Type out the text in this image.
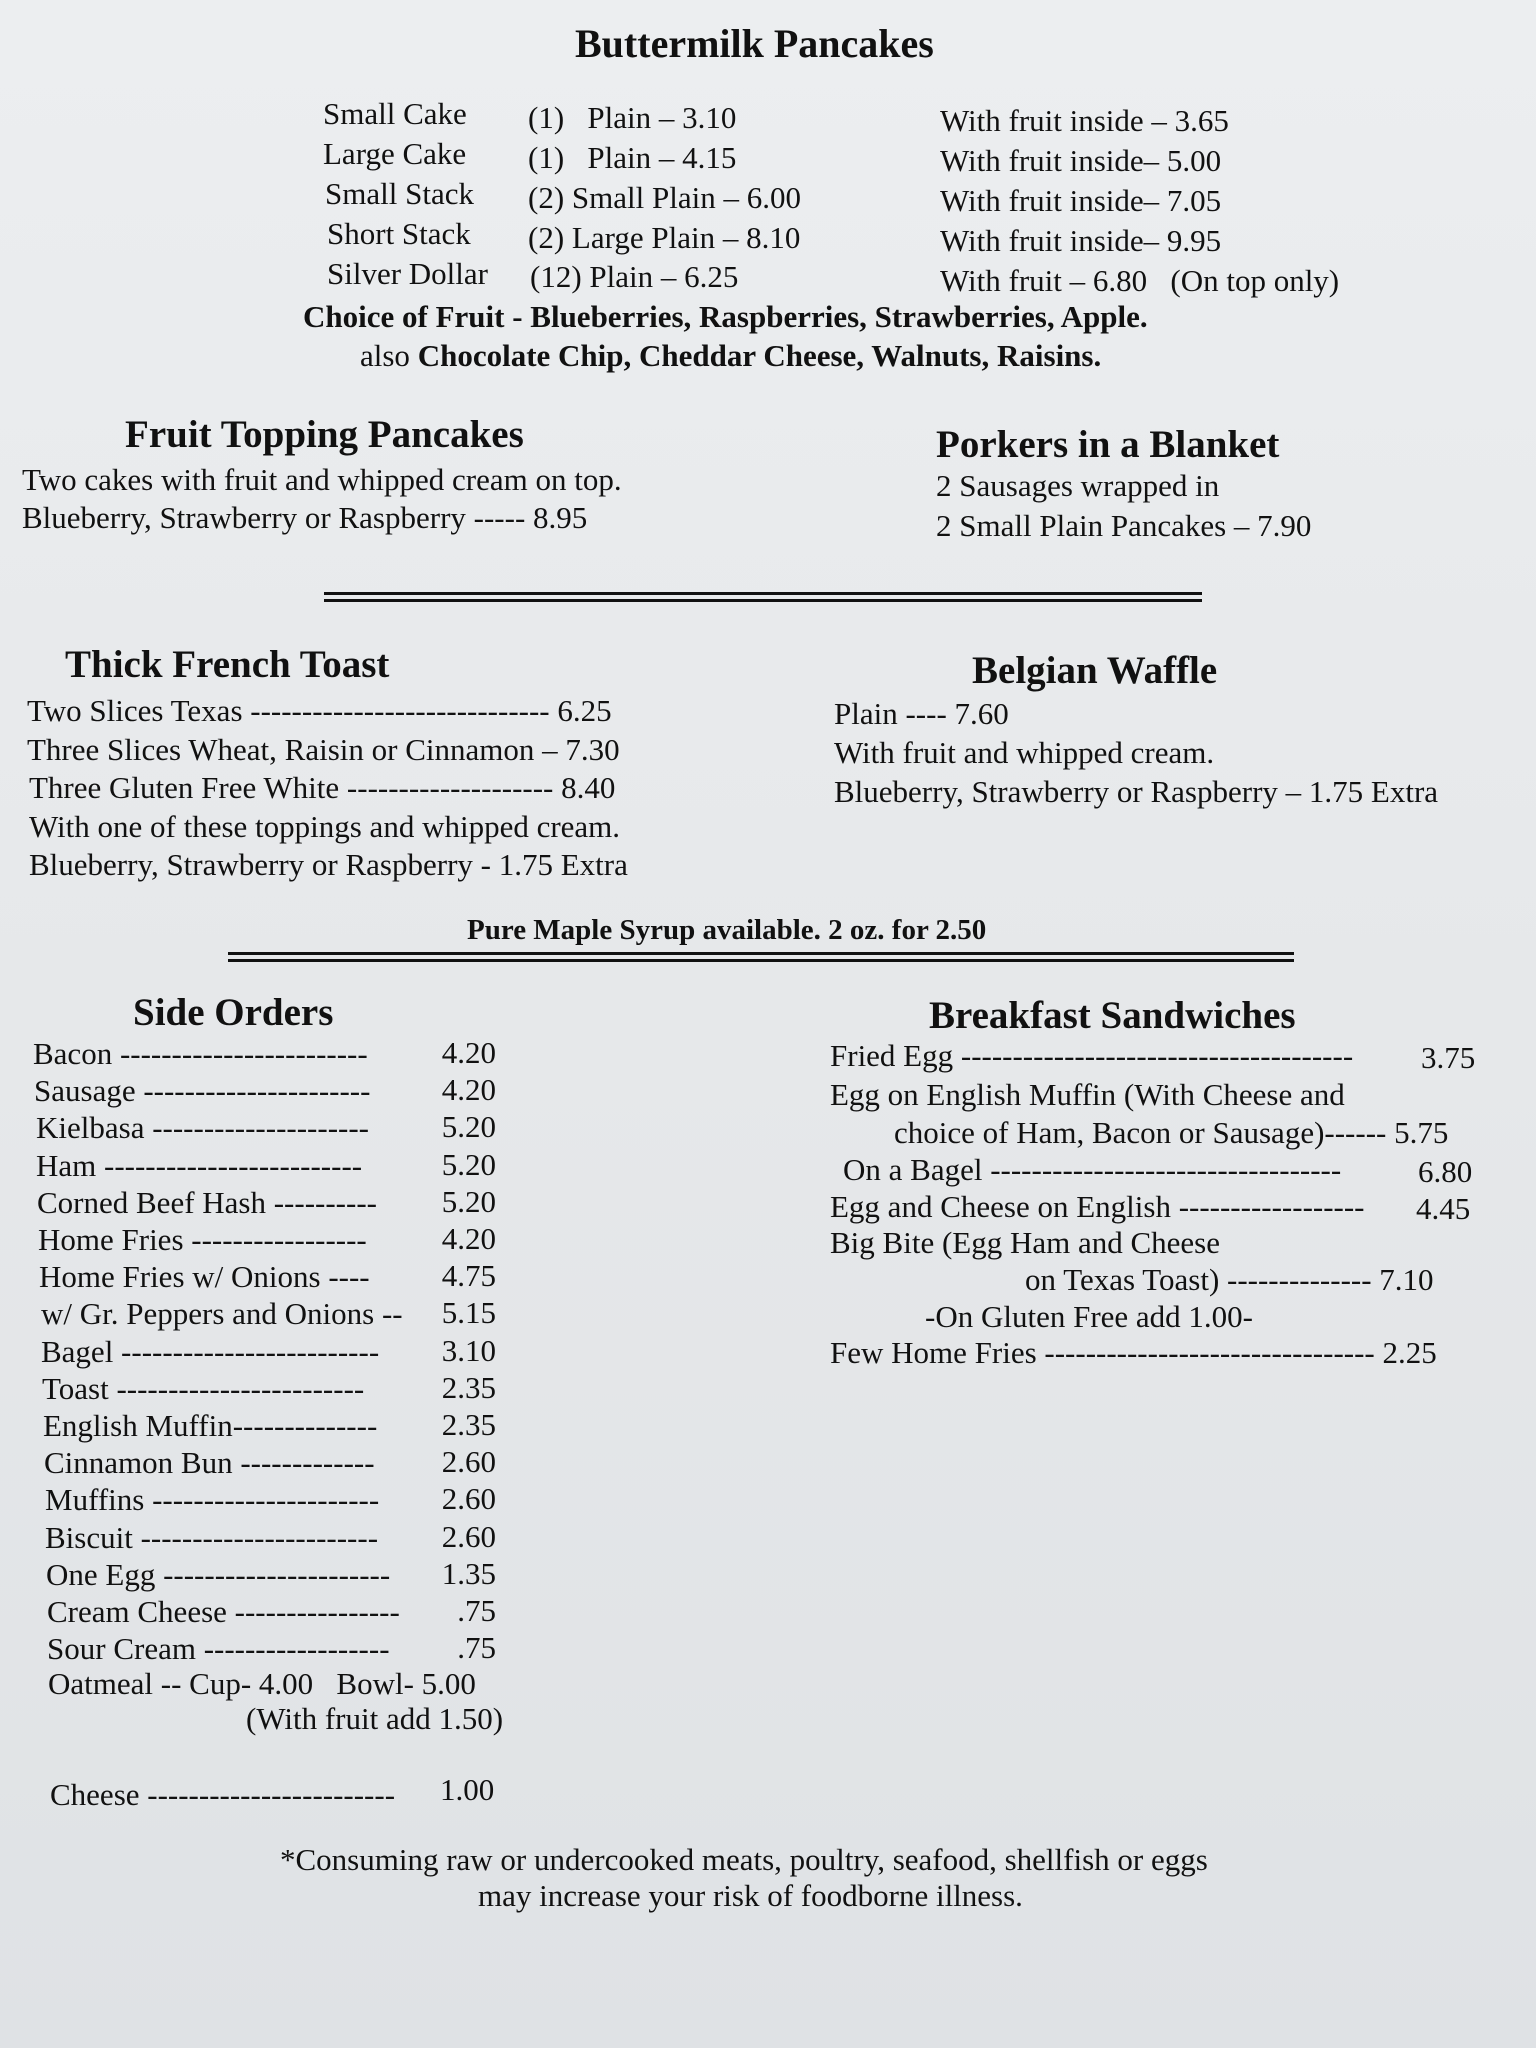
Buttermilk Pancakes
Small Cake (1)   Plain – 3.10	With fruit inside – 3.65
Large Cake (1)   Plain – 4.15	With fruit inside– 5.00
Small Stack (2) Small Plain – 6.00	With fruit inside– 7.05
Short Stack (2) Large Plain – 8.10	With fruit inside– 9.95
Silver Dollar (12) Plain – 6.25	With fruit – 6.80   (On top only)
Choice of Fruit - Blueberries, Raspberries, Strawberries, Apple.
also Chocolate Chip, Cheddar Cheese, Walnuts, Raisins.
Fruit Topping Pancakes
Two cakes with fruit and whipped cream on top.
Blueberry, Strawberry or Raspberry ----- 8.95
Porkers in a Blanket
2 Sausages wrapped in
2 Small Plain Pancakes – 7.90
Thick French Toast
Two Slices Texas ----------------------------- 6.25
Three Slices Wheat, Raisin or Cinnamon – 7.30
Three Gluten Free White -------------------- 8.40
With one of these toppings and whipped cream.
Blueberry, Strawberry or Raspberry - 1.75 Extra
Belgian Waffle
Plain ---- 7.60
With fruit and whipped cream.
Blueberry, Strawberry or Raspberry – 1.75 Extra
Pure Maple Syrup available. 2 oz. for 2.50
Side Orders
Bacon ------------------------	4.20
Sausage ----------------------	4.20
Kielbasa ---------------------	5.20
Ham -------------------------	5.20
Corned Beef Hash ----------	5.20
Home Fries -----------------	4.20
Home Fries w/ Onions ----	4.75
w/ Gr. Peppers and Onions --	5.15
Bagel -------------------------	3.10
Toast ------------------------	2.35
English Muffin--------------	2.35
Cinnamon Bun -------------	2.60
Muffins ----------------------	2.60
Biscuit -----------------------	2.60
One Egg ----------------------	1.35
Cream Cheese ----------------	.75
Sour Cream ------------------	.75
Oatmeal -- Cup- 4.00   Bowl- 5.00
(With fruit add 1.50)
Cheese ------------------------ 1.00
Breakfast Sandwiches
Fried Egg -------------------------------------- 3.75
Egg on English Muffin (With Cheese and
choice of Ham, Bacon or Sausage)------ 5.75
On a Bagel ---------------------------------- 6.80
Egg and Cheese on English ------------------ 4.45
Big Bite (Egg Ham and Cheese
on Texas Toast) -------------- 7.10
-On Gluten Free add 1.00-
Few Home Fries -------------------------------- 2.25
*Consuming raw or undercooked meats, poultry, seafood, shellfish or eggs
may increase your risk of foodborne illness.
